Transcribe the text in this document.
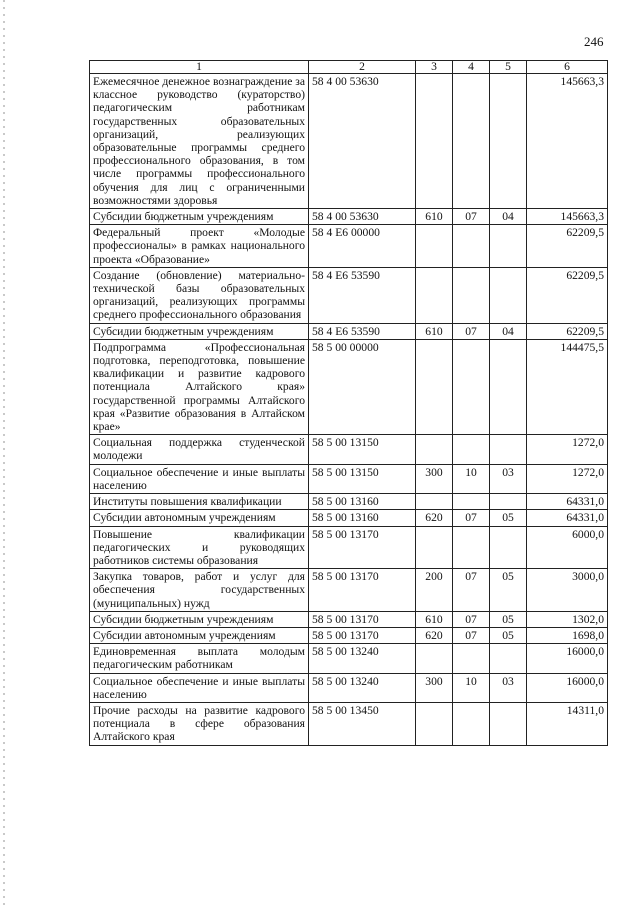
246
1	2	3	4	5	6
Ежемесячное денежное вознаграждение за классное руководство (кураторство) педагогическим работникам государственных образовательных организаций, реализующих образовательные программы среднего профессионального образования, в том числе программы профессионального обучения для лиц с ограниченными возможностями здоровья	58 4 00 53630				145663,3
Субсидии бюджетным учреждениям	58 4 00 53630	610	07	04	145663,3
Федеральный проект «Молодые профессионалы» в рамках национального проекта «Образование»	58 4 Е6 00000				62209,5
Создание (обновление) материально-технической базы образовательных организаций, реализующих программы среднего профессионального образования	58 4 Е6 53590				62209,5
Субсидии бюджетным учреждениям	58 4 Е6 53590	610	07	04	62209,5
Подпрограмма «Профессиональная подготовка, переподготовка, повышение квалификации и развитие кадрового потенциала Алтайского края» государственной программы Алтайского края «Развитие образования в Алтайском крае»	58 5 00 00000				144475,5
Социальная поддержка студенческой молодежи	58 5 00 13150				1272,0
Социальное обеспечение и иные выплаты населению	58 5 00 13150	300	10	03	1272,0
Институты повышения квалификации	58 5 00 13160				64331,0
Субсидии автономным учреждениям	58 5 00 13160	620	07	05	64331,0
Повышение квалификации педагогических и руководящих работников системы образования	58 5 00 13170				6000,0
Закупка товаров, работ и услуг для обеспечения государственных (муниципальных) нужд	58 5 00 13170	200	07	05	3000,0
Субсидии бюджетным учреждениям	58 5 00 13170	610	07	05	1302,0
Субсидии автономным учреждениям	58 5 00 13170	620	07	05	1698,0
Единовременная выплата молодым педагогическим работникам	58 5 00 13240				16000,0
Социальное обеспечение и иные выплаты населению	58 5 00 13240	300	10	03	16000,0
Прочие расходы на развитие кадрового потенциала в сфере образования Алтайского края	58 5 00 13450				14311,0
